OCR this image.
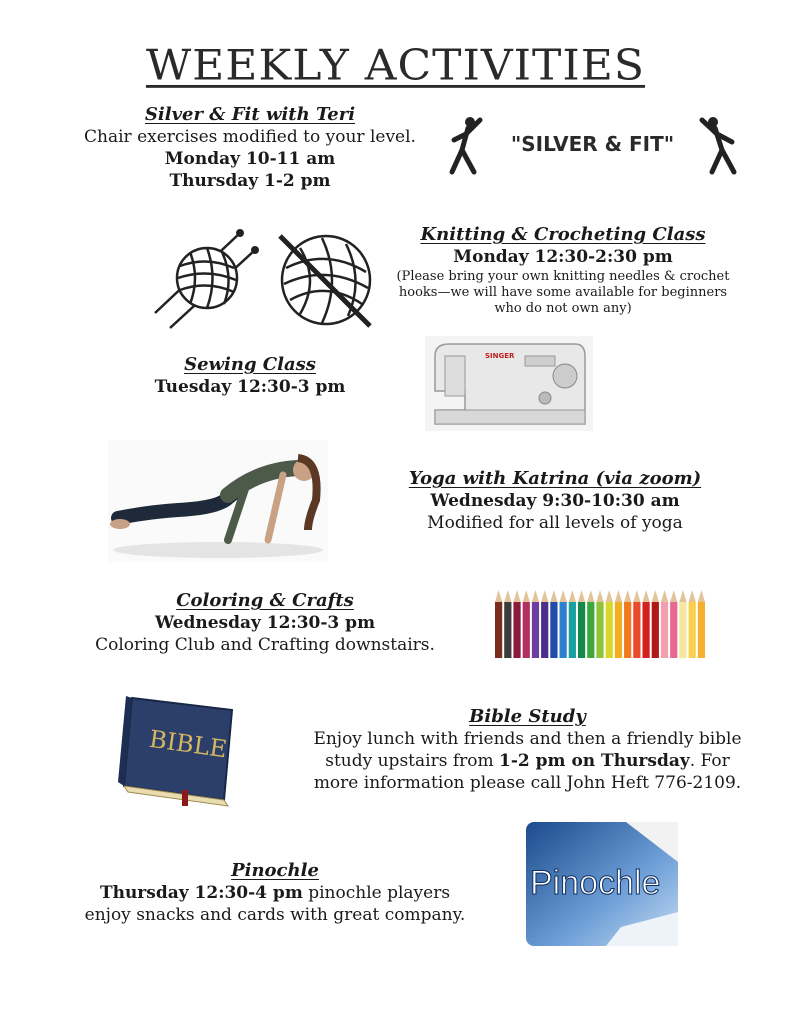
WEEKLY ACTIVITIES
Silver & Fit with Teri
Chair exercises modified to your level.
Monday 10-11 am
Thursday 1-2 pm
"SILVER & FIT"
Knitting & Crocheting Class
Monday 12:30-2:30 pm
(Please bring your own knitting needles & crochet
hooks—we will have some available for beginners
who do not own any)
Sewing Class
Tuesday 12:30-3 pm
SINGER
Yoga with Katrina (via zoom)
Wednesday 9:30-10:30 am
Modified for all levels of yoga
Coloring & Crafts
Wednesday 12:30-3 pm
Coloring Club and Crafting downstairs.
BIBLE
Bible Study
Enjoy lunch with friends and then a friendly bible
study upstairs from 1-2 pm on Thursday. For
more information please call John Heft 776-2109.
Pinochle
Thursday 12:30-4 pm pinochle players
enjoy snacks and cards with great company.
Pinochle
